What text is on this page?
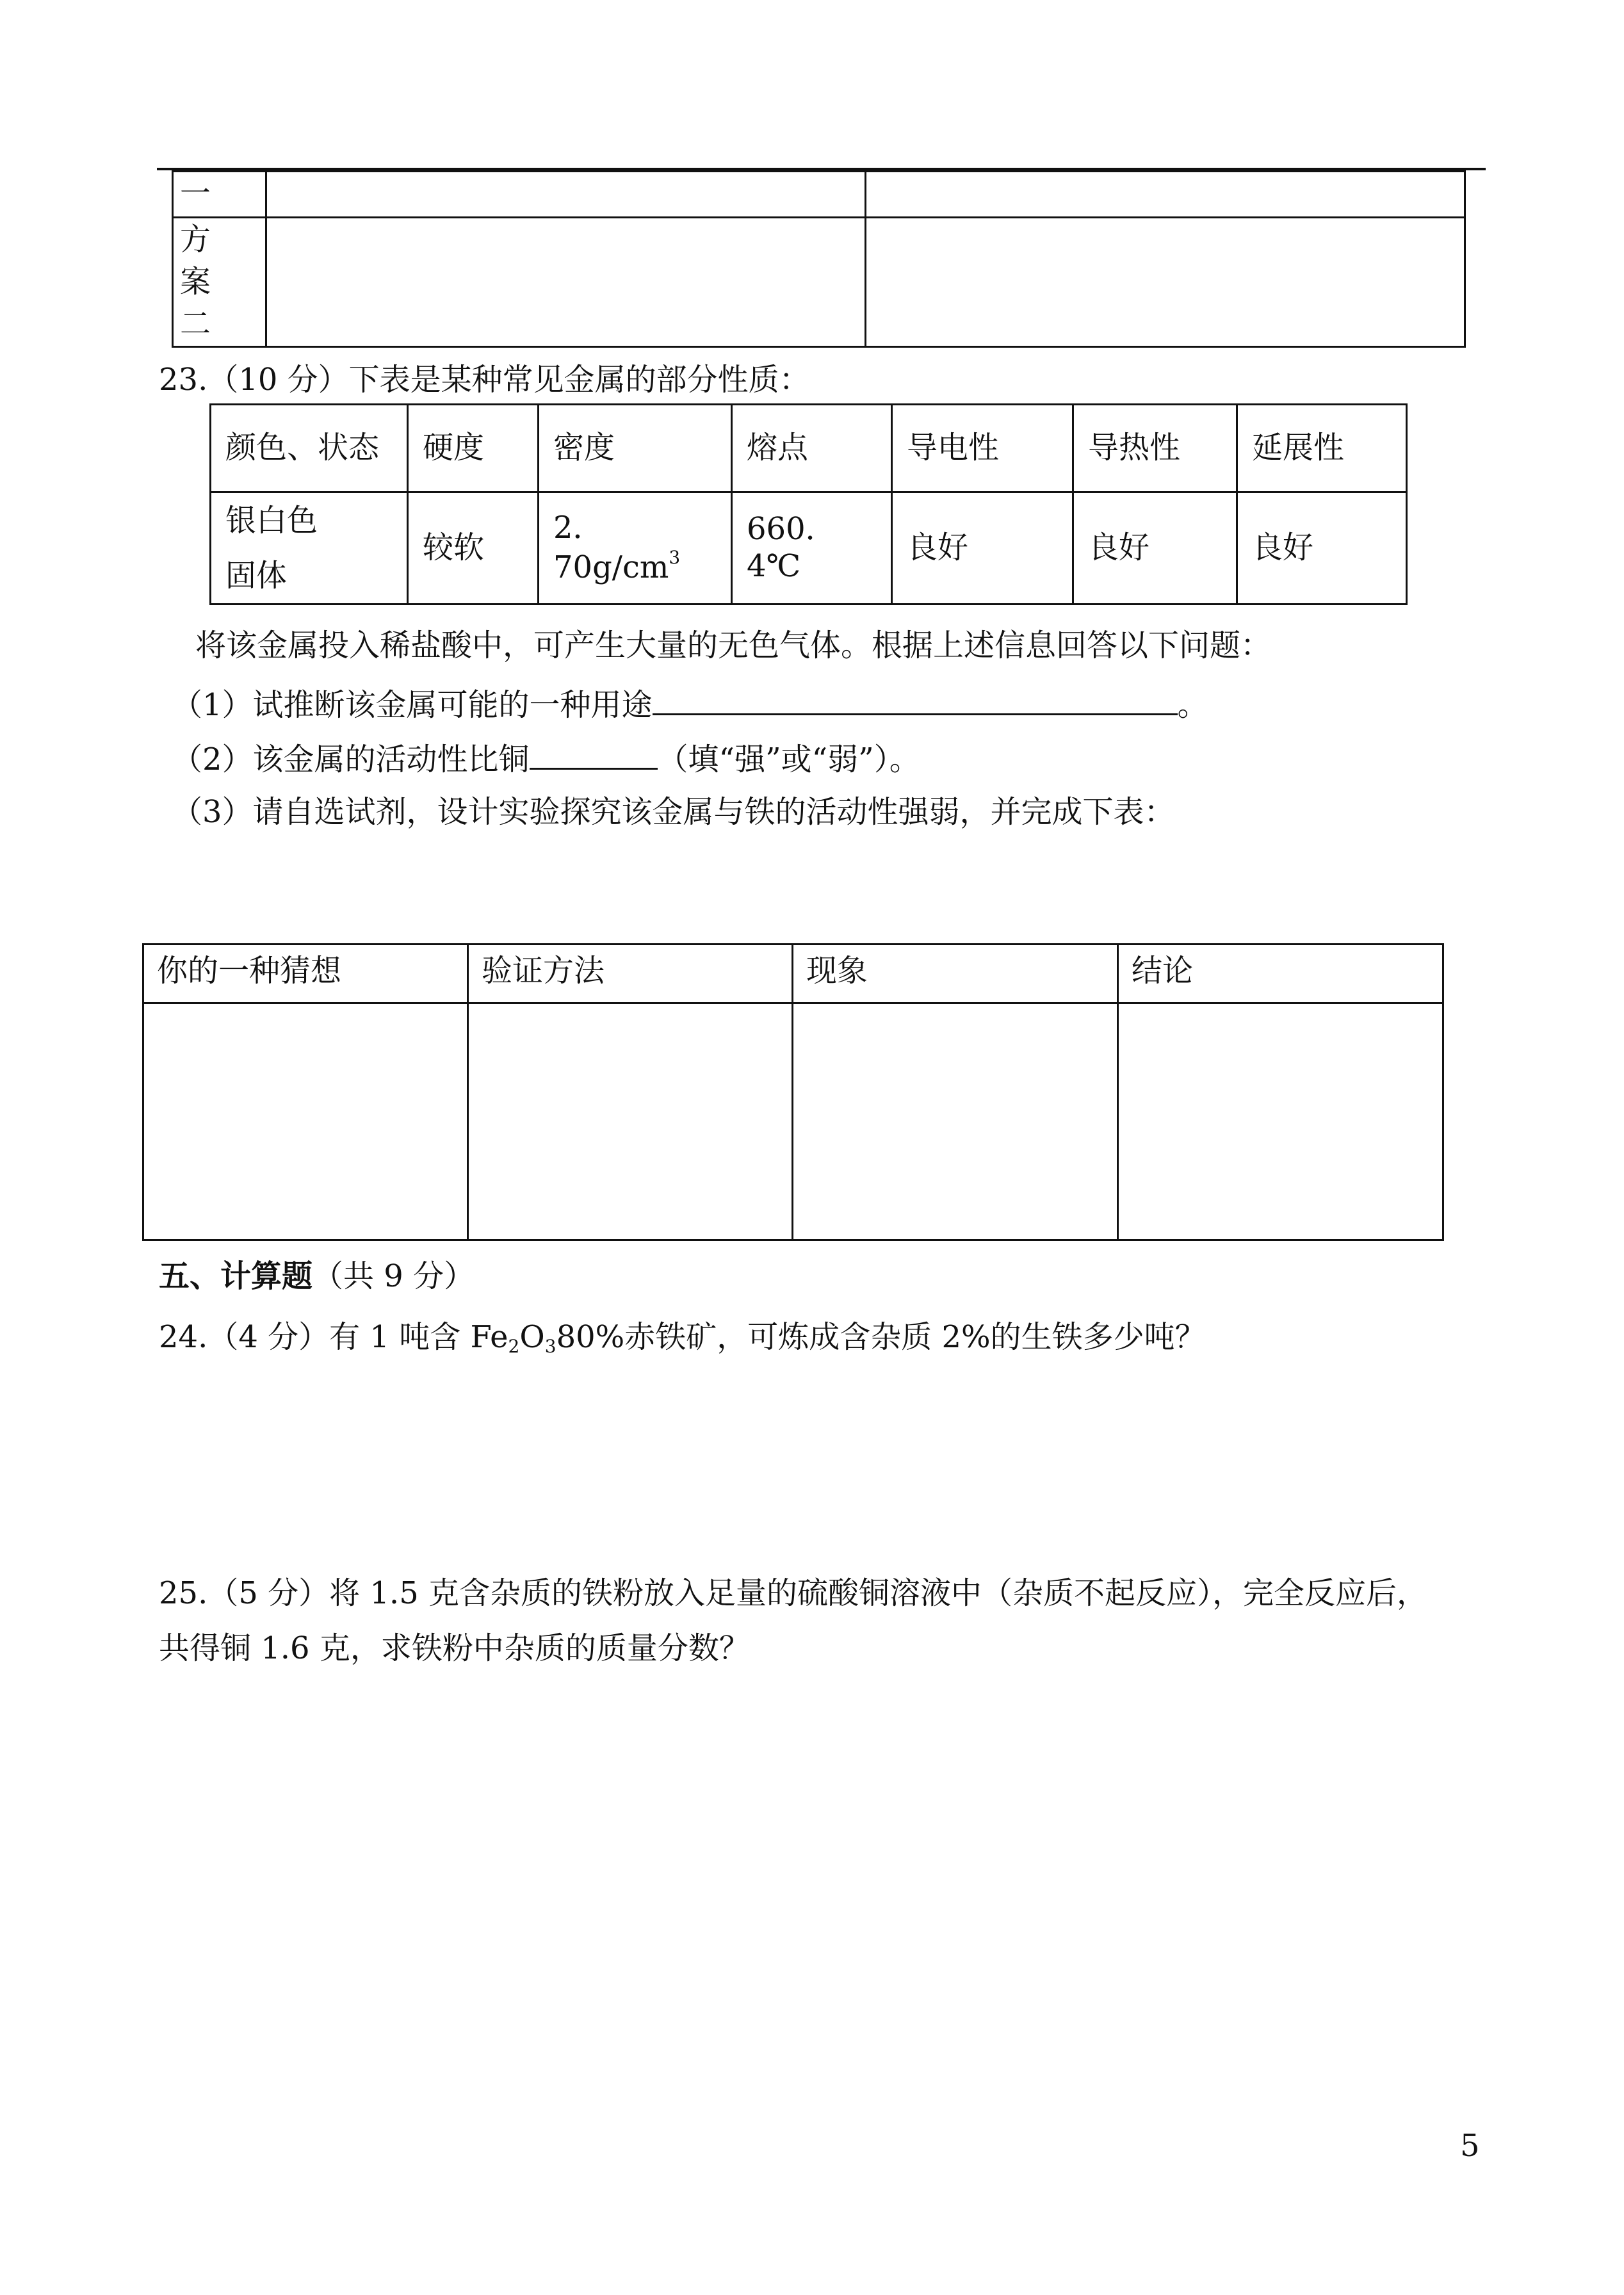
一		

方
案
二		

23.（10 分）下表是某种常见金属的部分性质：
颜色、状态	硬度	密度	熔点	导电性	导热性	延展性

银白色
固体	较软	2．$70g/cm^3$	660．4℃	良好	良好	良好
将该金属投入稀盐酸中，可产生大量的无色气体。根据上述信息回答以下问题：
（1）试推断该金属可能的一种用途	。
（2）该金属的活动性比铜	（填“强”或“弱”）。
（3）请自选试剂，设计实验探究该金属与铁的活动性强弱，并完成下表：
你的一种猜想	验证方法	现象	结论

五、计算题（共 9 分）
24.（4 分）有 1 吨含 $Fe_2O_380\%$赤铁矿，可炼成含杂质 2%的生铁多少吨？
25.（5 分）将 1.5 克含杂质的铁粉放入足量的硫酸铜溶液中（杂质不起反应），完全反应后，
共得铜 1.6 克，求铁粉中杂质的质量分数？
5
